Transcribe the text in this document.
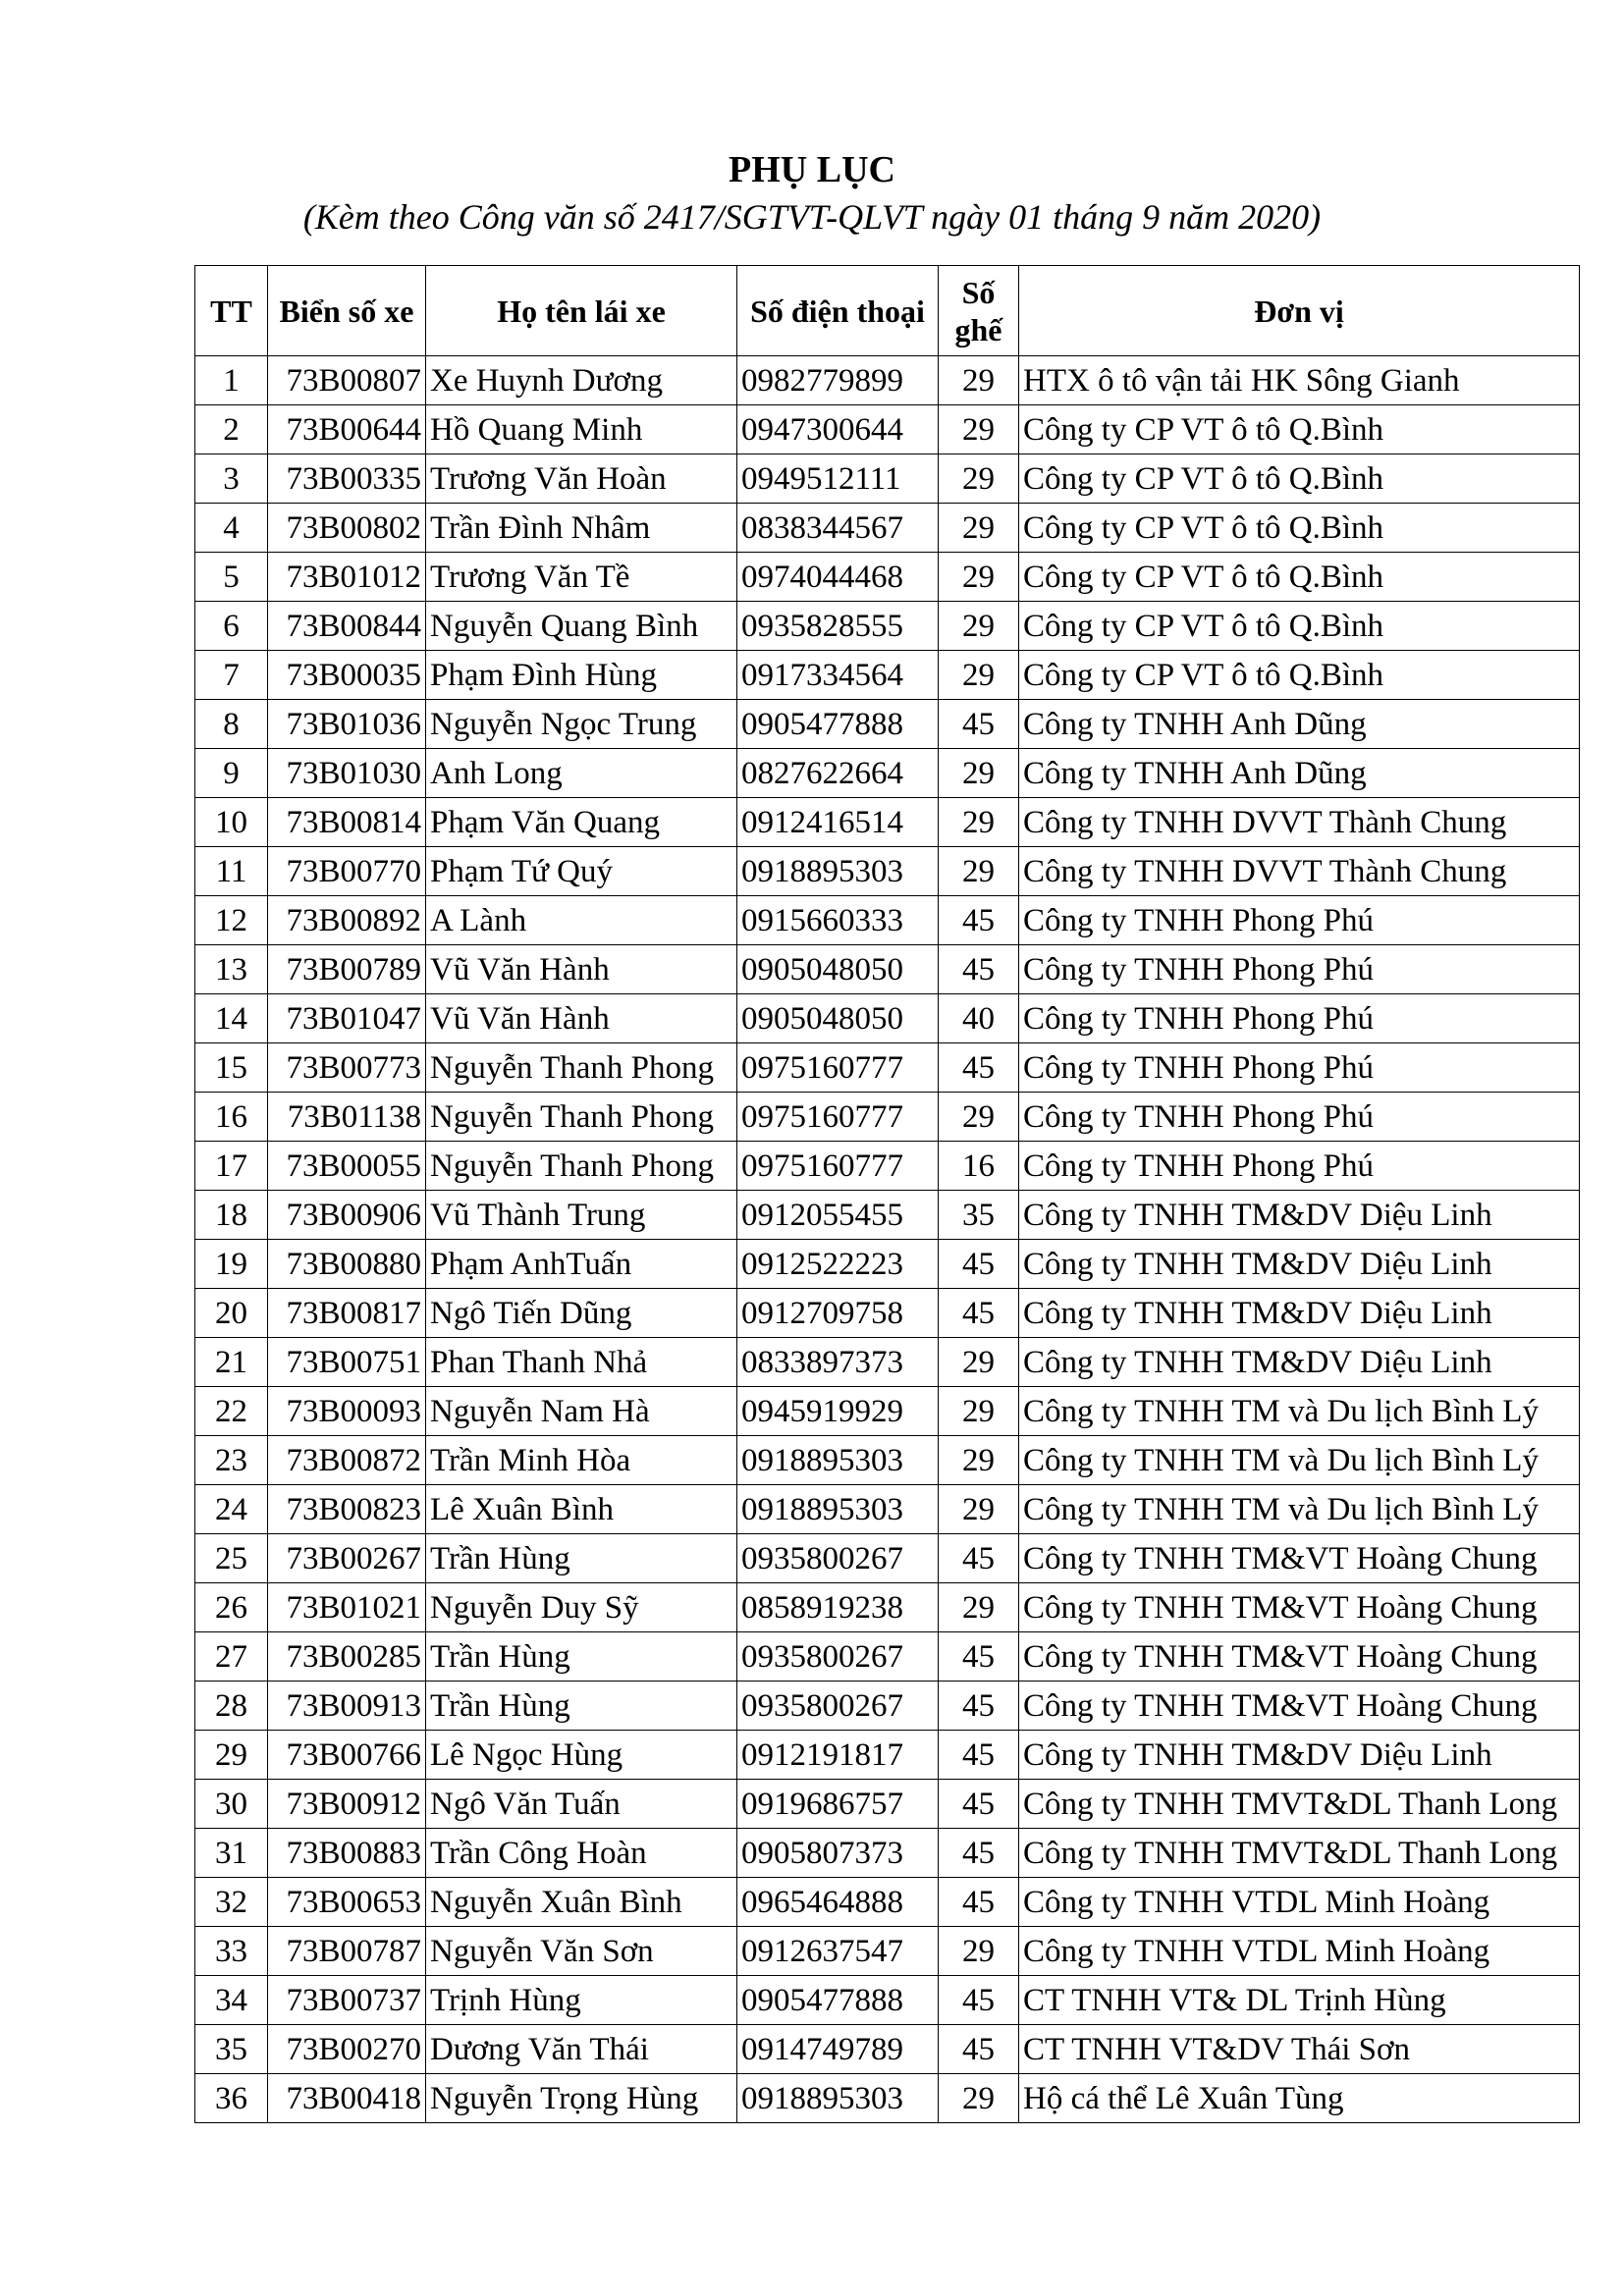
PHỤ LỤC
(Kèm theo Công văn số 2417/SGTVT-QLVT ngày 01 tháng 9 năm 2020)
TT	Biển số xe	Họ tên lái xe	Số điện thoại	Số ghế	Đơn vị
1	73B00807	Xe Huynh Dương	0982779899	29	HTX ô tô vận tải HK Sông Gianh
2	73B00644	Hồ Quang Minh	0947300644	29	Công ty CP VT ô tô Q.Bình
3	73B00335	Trương Văn Hoàn	0949512111	29	Công ty CP VT ô tô Q.Bình
4	73B00802	Trần Đình Nhâm	0838344567	29	Công ty CP VT ô tô Q.Bình
5	73B01012	Trương Văn Tề	0974044468	29	Công ty CP VT ô tô Q.Bình
6	73B00844	Nguyễn Quang Bình	0935828555	29	Công ty CP VT ô tô Q.Bình
7	73B00035	Phạm Đình Hùng	0917334564	29	Công ty CP VT ô tô Q.Bình
8	73B01036	Nguyễn Ngọc Trung	0905477888	45	Công ty TNHH Anh Dũng
9	73B01030	Anh Long	0827622664	29	Công ty TNHH Anh Dũng
10	73B00814	Phạm Văn Quang	0912416514	29	Công ty TNHH DVVT Thành Chung
11	73B00770	Phạm Tứ Quý	0918895303	29	Công ty TNHH DVVT Thành Chung
12	73B00892	A Lành	0915660333	45	Công ty TNHH Phong Phú
13	73B00789	Vũ Văn Hành	0905048050	45	Công ty TNHH Phong Phú
14	73B01047	Vũ Văn Hành	0905048050	40	Công ty TNHH Phong Phú
15	73B00773	Nguyễn Thanh Phong	0975160777	45	Công ty TNHH Phong Phú
16	73B01138	Nguyễn Thanh Phong	0975160777	29	Công ty TNHH Phong Phú
17	73B00055	Nguyễn Thanh Phong	0975160777	16	Công ty TNHH Phong Phú
18	73B00906	Vũ Thành Trung	0912055455	35	Công ty TNHH TM&DV Diệu Linh
19	73B00880	Phạm AnhTuấn	0912522223	45	Công ty TNHH TM&DV Diệu Linh
20	73B00817	Ngô Tiến Dũng	0912709758	45	Công ty TNHH TM&DV Diệu Linh
21	73B00751	Phan Thanh Nhả	0833897373	29	Công ty TNHH TM&DV Diệu Linh
22	73B00093	Nguyễn Nam Hà	0945919929	29	Công ty TNHH TM và Du lịch Bình Lý
23	73B00872	Trần Minh Hòa	0918895303	29	Công ty TNHH TM và Du lịch Bình Lý
24	73B00823	Lê Xuân Bình	0918895303	29	Công ty TNHH TM và Du lịch Bình Lý
25	73B00267	Trần Hùng	0935800267	45	Công ty TNHH TM&VT Hoàng Chung
26	73B01021	Nguyễn Duy Sỹ	0858919238	29	Công ty TNHH TM&VT Hoàng Chung
27	73B00285	Trần Hùng	0935800267	45	Công ty TNHH TM&VT Hoàng Chung
28	73B00913	Trần Hùng	0935800267	45	Công ty TNHH TM&VT Hoàng Chung
29	73B00766	Lê Ngọc Hùng	0912191817	45	Công ty TNHH TM&DV Diệu Linh
30	73B00912	Ngô Văn Tuấn	0919686757	45	Công ty TNHH TMVT&DL Thanh Long
31	73B00883	Trần Công Hoàn	0905807373	45	Công ty TNHH TMVT&DL Thanh Long
32	73B00653	Nguyễn Xuân Bình	0965464888	45	Công ty TNHH VTDL Minh Hoàng
33	73B00787	Nguyễn Văn Sơn	0912637547	29	Công ty TNHH VTDL Minh Hoàng
34	73B00737	Trịnh Hùng	0905477888	45	CT TNHH VT& DL Trịnh Hùng
35	73B00270	Dương Văn Thái	0914749789	45	CT TNHH VT&DV Thái Sơn
36	73B00418	Nguyễn Trọng Hùng	0918895303	29	Hộ cá thể Lê Xuân Tùng
